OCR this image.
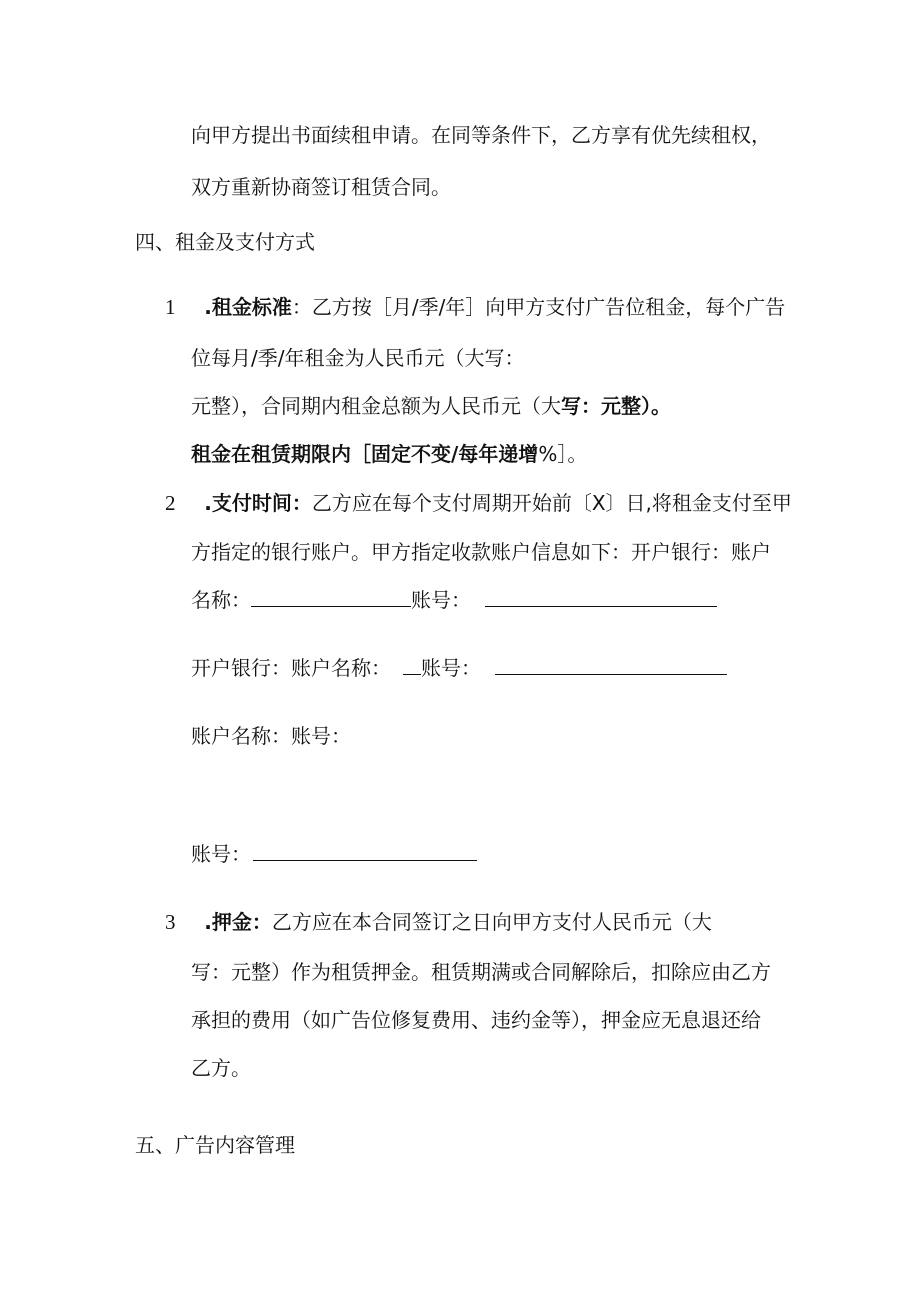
向甲方提出书面续租申请。在同等条件下，乙方享有优先续租权，
双方重新协商签订租赁合同。
四、租金及支付方式
1 .租金标准：乙方按［月/季/年］向甲方支付广告位租金，每个广告
位每月/季/年租金为人民币元（大写：
元整），合同期内租金总额为人民币元（大写：元整）。
租金在租赁期限内［固定不变/每年递增%］。
2 .支付时间：乙方应在每个支付周期开始前〔X〕日,将租金支付至甲
方指定的银行账户。甲方指定收款账户信息如下：开户银行：账户
名称：	账号：
开户银行：账户名称： 账号：
账户名称：账号：
账号：
3 .押金：乙方应在本合同签订之日向甲方支付人民币元（大
写：元整）作为租赁押金。租赁期满或合同解除后，扣除应由乙方
承担的费用（如广告位修复费用、违约金等），押金应无息退还给
乙方。
五、广告内容管理
